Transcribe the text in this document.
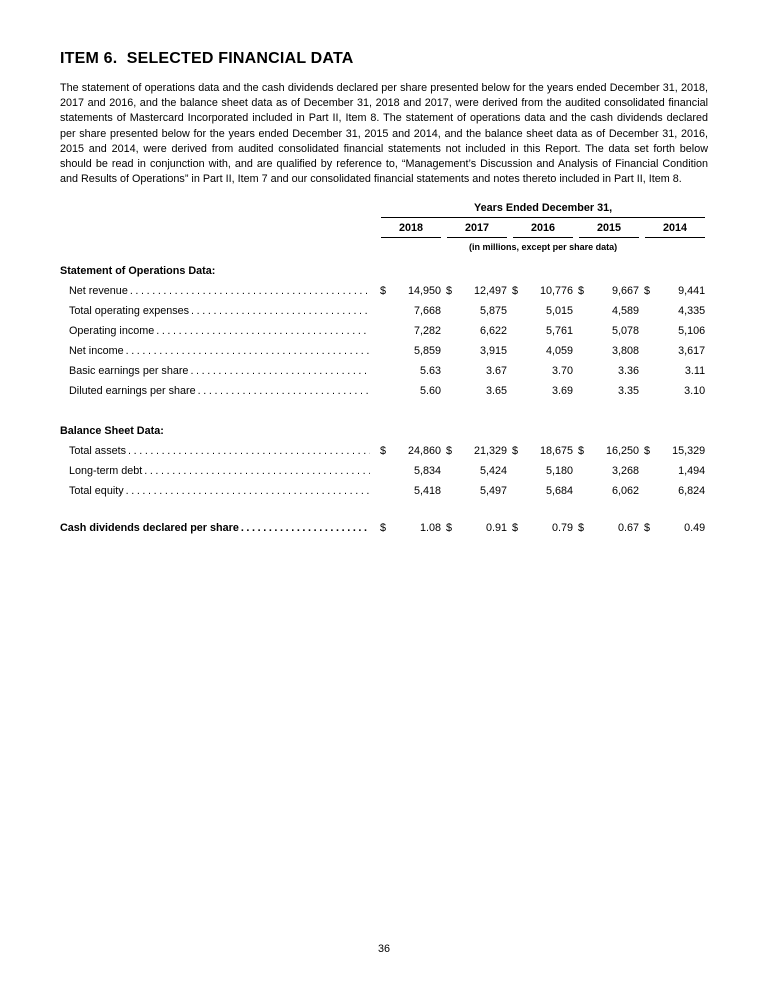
ITEM 6.  SELECTED FINANCIAL DATA

The statement of operations data and the cash dividends declared per share presented below for the years ended December 31, 2018, 2017 and 2016, and the balance sheet data as of December 31, 2018 and 2017, were derived from the audited consolidated financial statements of Mastercard Incorporated included in Part II, Item 8. The statement of operations data and the cash dividends declared per share presented below for the years ended December 31, 2015 and 2014, and the balance sheet data as of December 31, 2016, 2015 and 2014, were derived from audited consolidated financial statements not included in this Report. The data set forth below should be read in conjunction with, and are qualified by reference to, “Management’s Discussion and Analysis of Financial Condition and Results of Operations” in Part II, Item 7 and our consolidated financial statements and notes thereto included in Part II, Item 8.

	Years Ended December 31,									

	2018		2017		2016		2015		2014	

	(in millions, except per share data)									
Statement of Operations Data:										

Net revenue
.....	$	14,950	$	12,497	$	10,776	$	9,667	$	9,441

Total operating expenses
.....		7,668		5,875		5,015		4,589		4,335

Operating income
.....		7,282		6,622		5,761		5,078		5,106

Net income
.....		5,859		3,915		4,059		3,808		3,617

Basic earnings per share
.....		5.63		3.67		3.70		3.36		3.11

Diluted earnings per share
.....		5.60		3.65		3.69		3.35		3.10

Balance Sheet Data:										

Total assets
.....	$	24,860	$	21,329	$	18,675	$	16,250	$	15,329

Long-term debt
.....		5,834		5,424		5,180		3,268		1,494

Total equity
.....		5,418		5,497		5,684		6,062		6,824

Cash dividends declared per share
.....	$	1.08	$	0.91	$	0.79	$	0.67	$	0.49
36
